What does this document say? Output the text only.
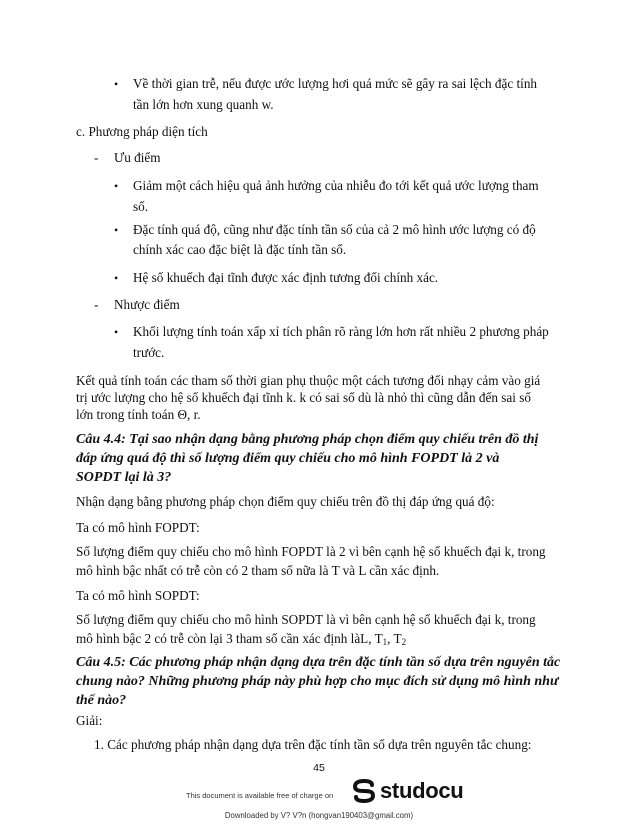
• Về thời gian trễ, nếu được ước lượng hơi quá mức sẽ gây ra sai lệch đặc tính
tần lớn hơn xung quanh w.
c. Phương pháp diện tích
- Ưu điểm
• Giảm một cách hiệu quả ảnh hưởng của nhiễu đo tới kết quả ước lượng tham
số.
• Đặc tính quá độ, cũng như đặc tính tần số của cả 2 mô hình ước lượng có độ
chính xác cao đặc biệt là đặc tính tần số.
• Hệ số khuếch đại tĩnh được xác định tương đối chính xác.
- Nhược điểm
• Khối lượng tính toán xấp xỉ tích phân rõ ràng lớn hơn rất nhiều 2 phương pháp
trước.
Kết quả tính toán các tham số thời gian phụ thuộc một cách tương đối nhạy cảm vào giá
trị ước lượng cho hệ số khuếch đại tĩnh k. k có sai số dù là nhỏ thì cũng dẫn đến sai số
lớn trong tính toán Θ, r.
Câu 4.4: Tại sao nhận dạng bằng phương pháp chọn điểm quy chiếu trên đồ thị
đáp ứng quá độ thì số lượng điểm quy chiếu cho mô hình FOPDT là 2 và
SOPDT lại là 3?
Nhận dạng bằng phương pháp chọn điểm quy chiếu trên đồ thị đáp ứng quá độ:
Ta có mô hình FOPDT:
Số lượng điểm quy chiếu cho mô hình FOPDT là 2 vì bên cạnh hệ số khuếch đại k, trong
mô hình bậc nhất có trễ còn có 2 tham số nữa là T và L cần xác định.
Ta có mô hình SOPDT:
Số lượng điểm quy chiếu cho mô hình SOPDT là vì bên cạnh hệ số khuếch đại k, trong
mô hình bậc 2 có trễ còn lại 3 tham số cần xác định làL, $T_1$, $T_2$
Câu 4.5: Các phương pháp nhận dạng dựa trên đặc tính tần số dựa trên nguyên tắc
chung nào? Những phương pháp này phù hợp cho mục đích sử dụng mô hình như
thế nào?
Giải:
1. Các phương pháp nhận dạng dựa trên đặc tính tần số dựa trên nguyên tắc chung:
45
This document is available free of charge on studocu
Downloaded by V? V?n (hongvan190403@gmail.com)
